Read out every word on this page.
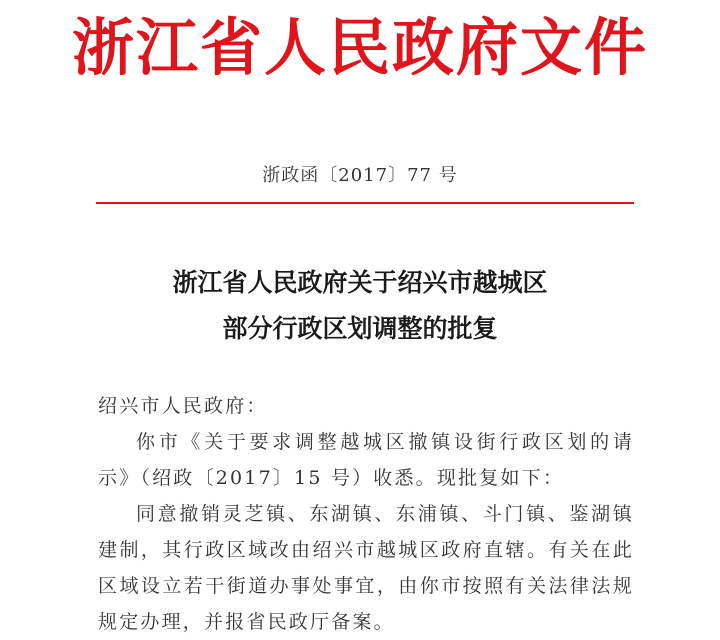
浙江省人民政府文件
浙政函〔2017〕77 号
浙江省人民政府关于绍兴市越城区
部分行政区划调整的批复

绍兴市人民政府：

你市《关于要求调整越城区撤镇设街行政区划的请示》（绍政〔2017〕15 号）收悉。现批复如下：

同意撤销灵芝镇、东湖镇、东浦镇、斗门镇、鉴湖镇建制，其行政区域改由绍兴市越城区政府直辖。有关在此区域设立若干街道办事处事宜，由你市按照有关法律法规规定办理，并报省民政厅备案。
